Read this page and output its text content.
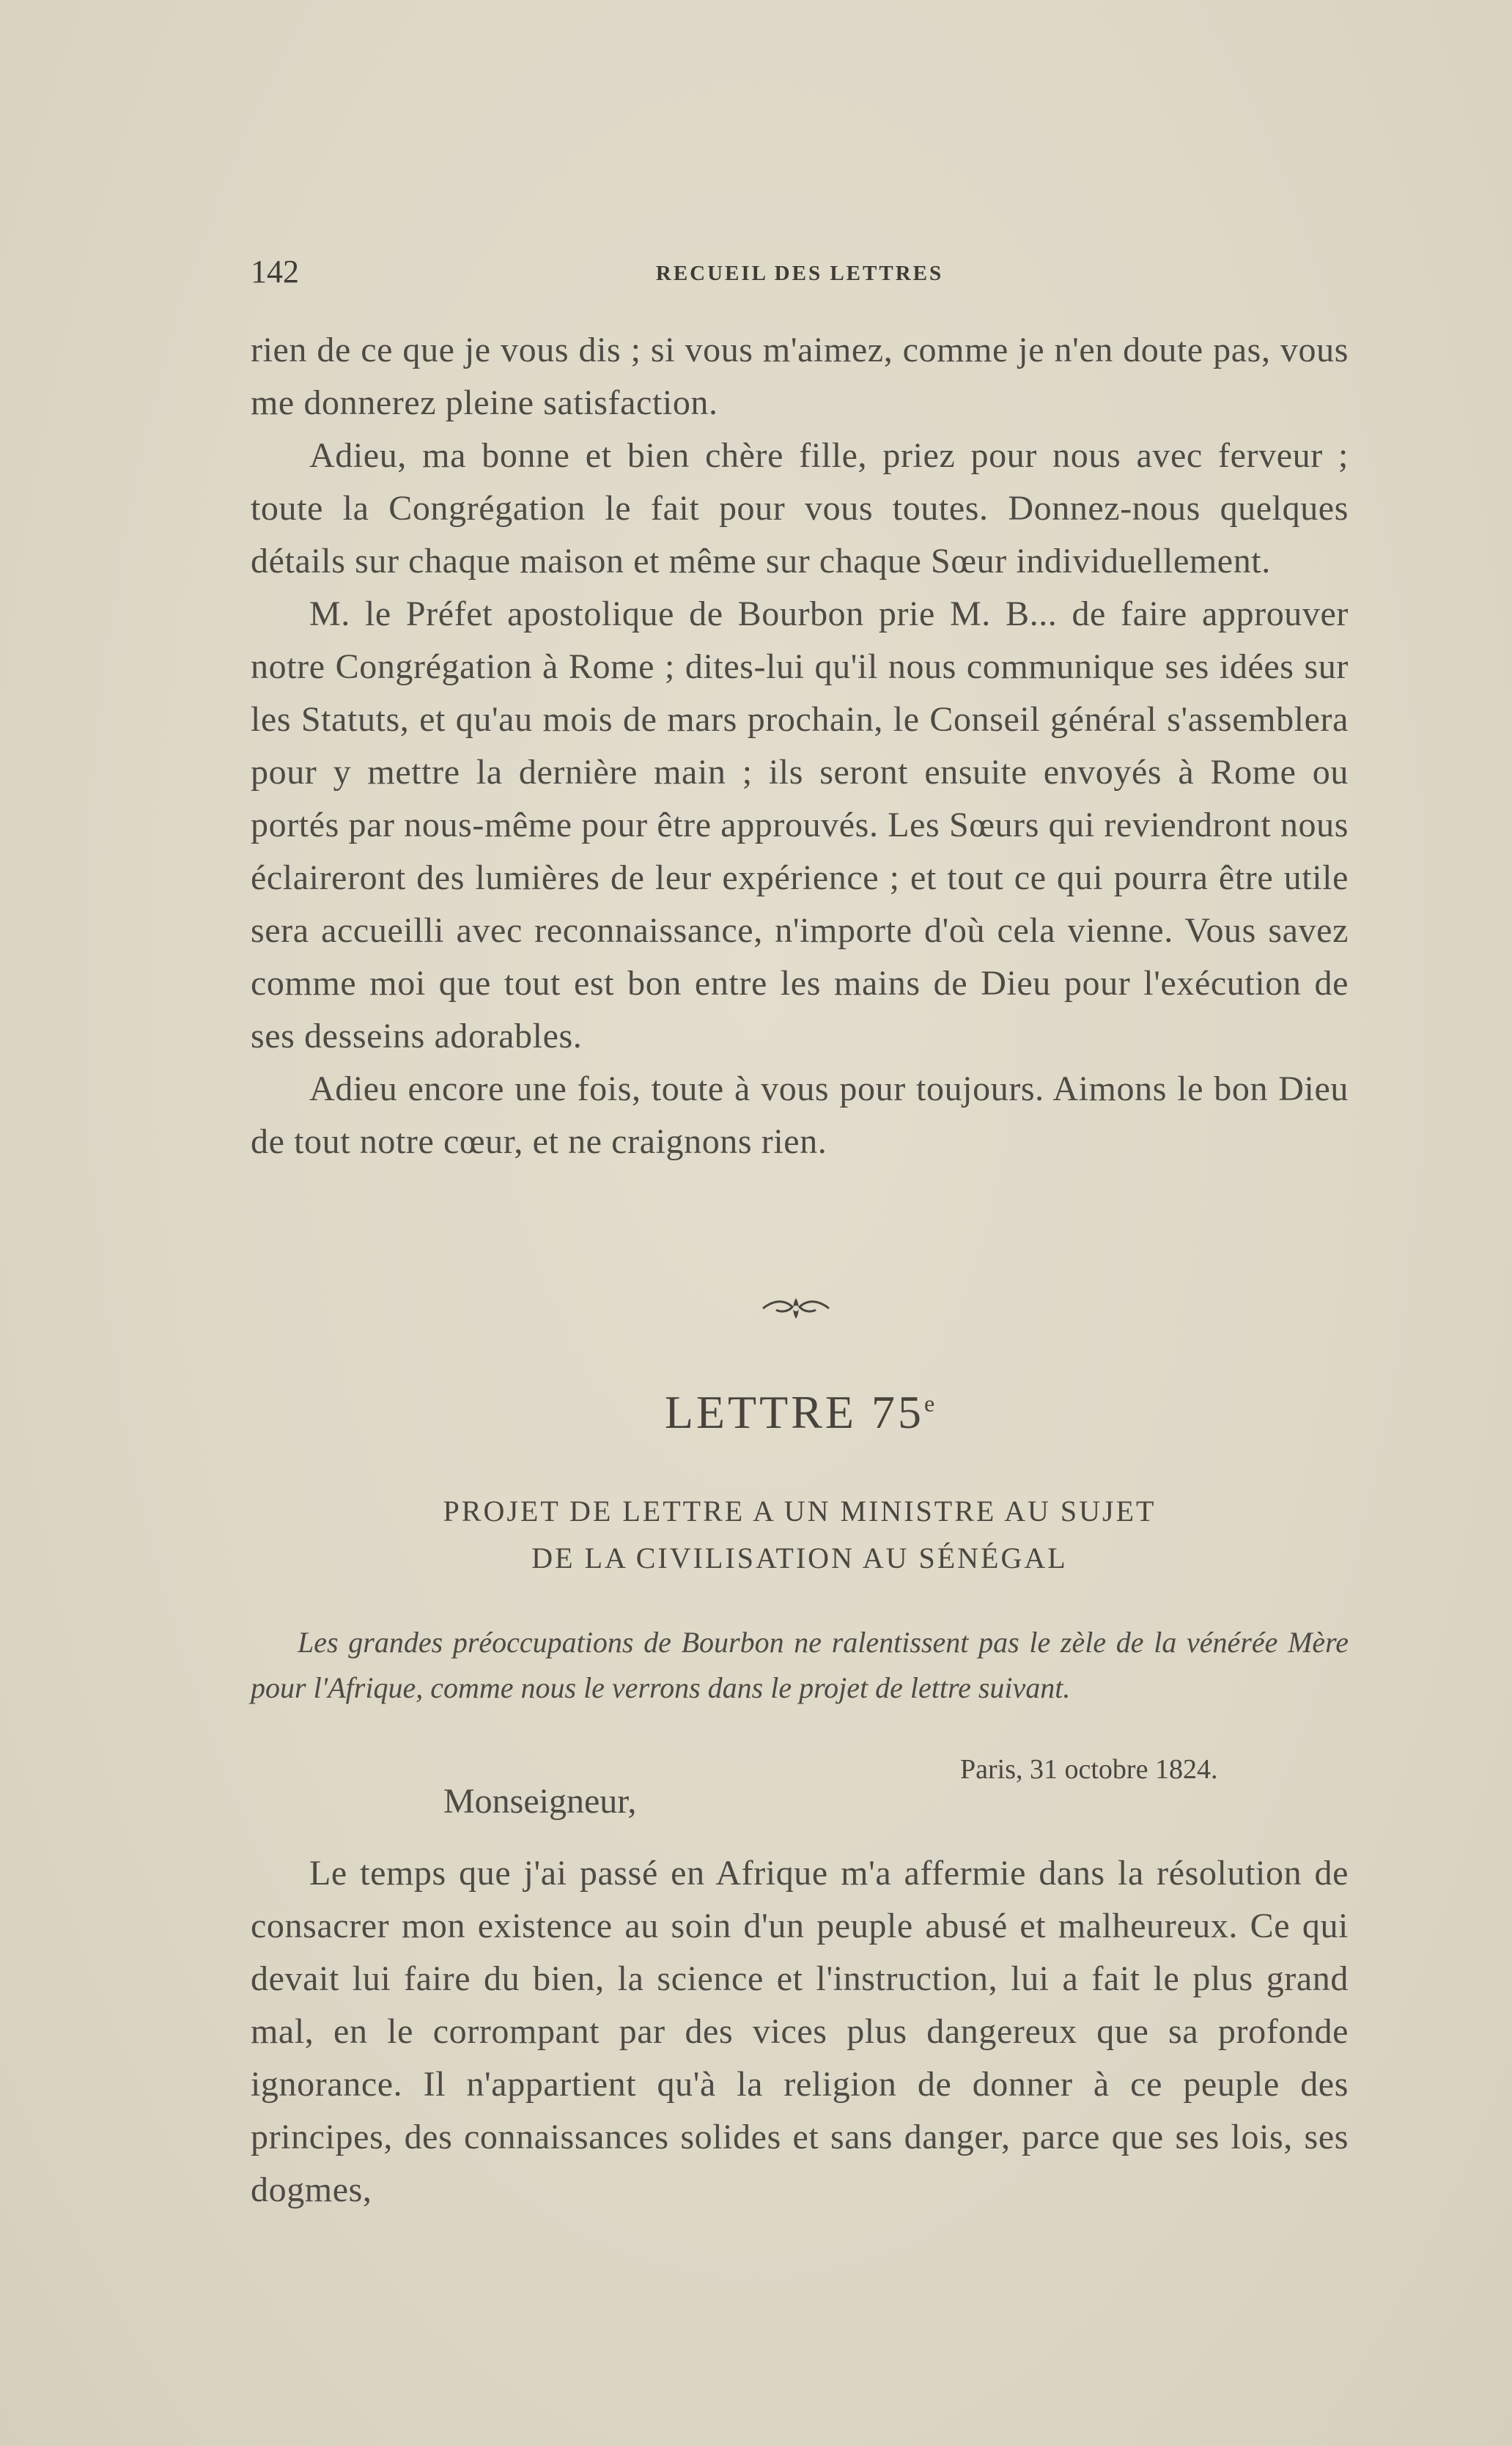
142	RECUEIL DES LETTRES

rien de ce que je vous dis ; si vous m'aimez, comme je n'en doute pas, vous me donnerez pleine satisfaction.

Adieu, ma bonne et bien chère fille, priez pour nous avec ferveur ; toute la Congrégation le fait pour vous toutes. Donnez-nous quelques détails sur chaque maison et même sur chaque Sœur individuellement.

M. le Préfet apostolique de Bourbon prie M. B... de faire approuver notre Congrégation à Rome ; dites-lui qu'il nous communique ses idées sur les Statuts, et qu'au mois de mars prochain, le Conseil général s'assemblera pour y mettre la dernière main ; ils seront ensuite envoyés à Rome ou portés par nous-même pour être approuvés. Les Sœurs qui reviendront nous éclaireront des lumières de leur expérience ; et tout ce qui pourra être utile sera accueilli avec reconnaissance, n'importe d'où cela vienne. Vous savez comme moi que tout est bon entre les mains de Dieu pour l'exécution de ses desseins adorables.

Adieu encore une fois, toute à vous pour toujours. Aimons le bon Dieu de tout notre cœur, et ne craignons rien.

LETTRE 75e
PROJET DE LETTRE A UN MINISTRE AU SUJET
DE LA CIVILISATION AU SÉNÉGAL

Les grandes préoccupations de Bourbon ne ralentissent pas le zèle de la vénérée Mère pour l'Afrique, comme nous le verrons dans le projet de lettre suivant.

Paris, 31 octobre 1824.
Monseigneur,

Le temps que j'ai passé en Afrique m'a affermie dans la résolution de consacrer mon existence au soin d'un peuple abusé et malheureux. Ce qui devait lui faire du bien, la science et l'instruction, lui a fait le plus grand mal, en le corrompant par des vices plus dangereux que sa profonde ignorance. Il n'appartient qu'à la religion de donner à ce peuple des principes, des connaissances solides et sans danger, parce que ses lois, ses dogmes,
